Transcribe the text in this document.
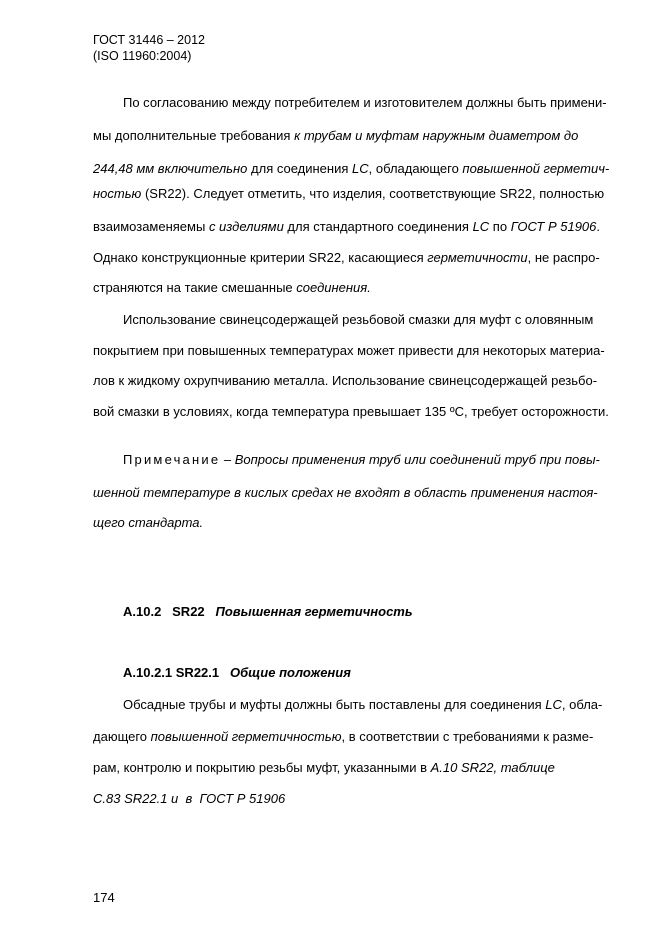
ГОСТ 31446 – 2012
(ISO 11960:2004)
По согласованию между потребителем и изготовителем должны быть примени-
мы дополнительные требования к трубам и муфтам наружным диаметром до
244,48 мм включительно для соединения LC, обладающего повышенной герметич-
ностью (SR22). Следует отметить, что изделия, соответствующие SR22, полностью
взаимозаменяемы с изделиями для стандартного соединения LC по ГОСТ Р 51906.
Однако конструкционные критерии SR22, касающиеся герметичности, не распро-
страняются на такие смешанные соединения.
Использование свинецсодержащей резьбовой смазки для муфт с оловянным
покрытием при повышенных температурах может привести для некоторых материа-
лов к жидкому охрупчиванию металла. Использование свинецсодержащей резьбо-
вой смазки в условиях, когда температура превышает 135 ºС, требует осторожности.
Примечание – Вопросы применения труб или соединений труб при повы-
шенной температуре в кислых средах не входят в область применения настоя-
щего стандарта.
A.10.2   SR22 Повышенная герметичность
A.10.2.1 SR22.1 Общие положения
Обсадные трубы и муфты должны быть поставлены для соединения LC, обла-
дающего повышенной герметичностью, в соответствии с требованиями к разме-
рам, контролю и покрытию резьбы муфт, указанными в А.10 SR22, таблице
С.83 SR22.1 и  в  ГОСТ Р 51906
174
